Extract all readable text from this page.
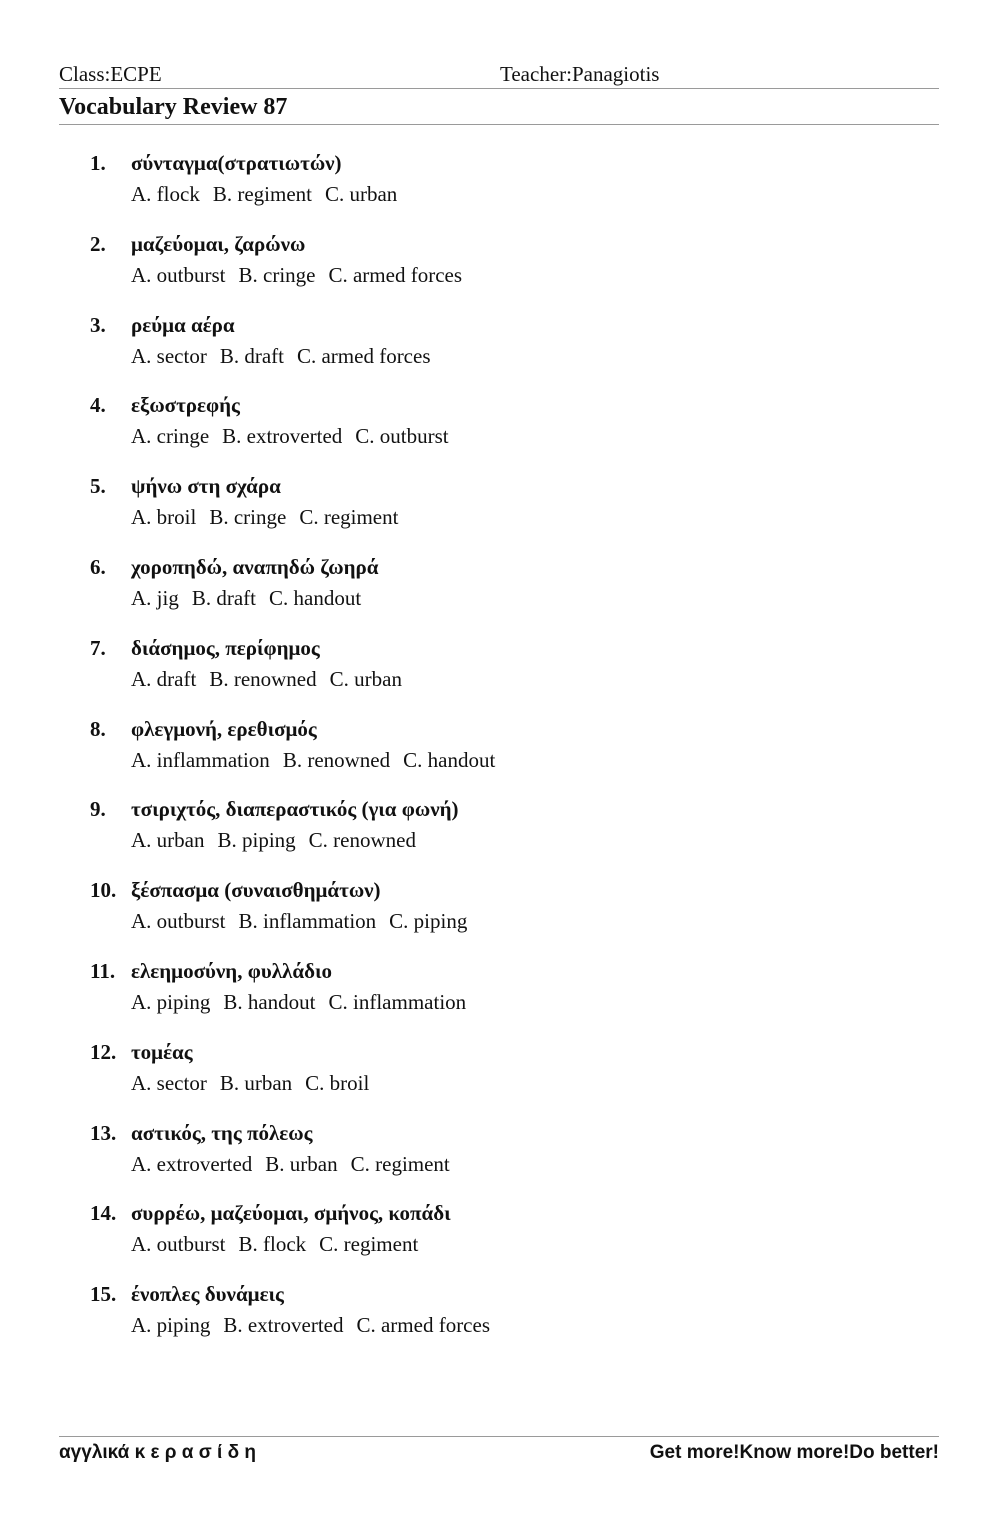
Class:ECPE	Teacher:Panagiotis
Vocabulary Review 87
1. σύνταγμα(στρατιωτών)
A. flock B. regiment C. urban
2. μαζεύομαι, ζαρώνω
A. outburst B. cringe C. armed forces
3. ρεύμα αέρα
A. sector B. draft C. armed forces
4. εξωστρεφής
A. cringe B. extroverted C. outburst
5. ψήνω στη σχάρα
A. broil B. cringe C. regiment
6. χοροπηδώ, αναπηδώ ζωηρά
A. jig B. draft C. handout
7. διάσημος, περίφημος
A. draft B. renowned C. urban
8. φλεγμονή, ερεθισμός
A. inflammation B. renowned C. handout
9. τσιριχτός, διαπεραστικός (για φωνή)
A. urban B. piping C. renowned
10. ξέσπασμα (συναισθημάτων)
A. outburst B. inflammation C. piping
11. ελεημοσύνη, φυλλάδιο
A. piping B. handout C. inflammation
12. τομέας
A. sector B. urban C. broil
13. αστικός, της πόλεως
A. extroverted B. urban C. regiment
14. συρρέω, μαζεύομαι, σμήνος, κοπάδι
A. outburst B. flock C. regiment
15. ένοπλες δυνάμεις
A. piping B. extroverted C. armed forces
αγγλικά κ ε ρ α σ ί δ η	Get more!Know more!Do better!
